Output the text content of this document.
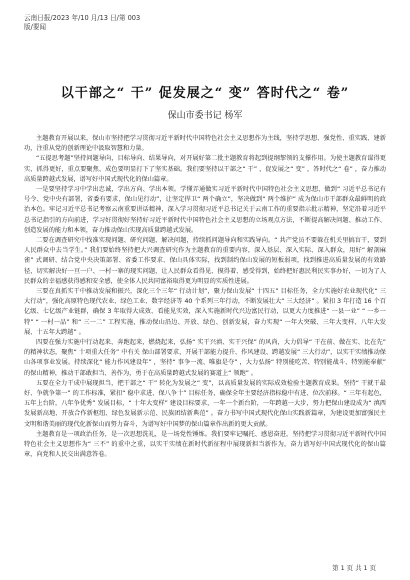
云南日报/2023 年/10 月/13 日/第 003
版/要闻
以干部之“ 干” 促发展之“ 变” 答时代之“ 卷”
保山市委书记 杨军

主题教育开展以来，保山市坚持把学习贯彻习近平新时代中国特色社会主义思想作为主线，坚持学思想、强党性、重实践、建新功，注重从党的创新理论中汲取智慧和力量。

“五提思考题”坚持问题导向，目标导向、结果导向，对开展好第二批主题教育将起到提纲挈领的支撑作用。为使主题教育谋得更实、抓得更好，重点要聚焦、成色要明显打下了坚实基础。我们要坚持以干部之“ 干” ，促发展之“ 变” ，答时代之“ 卷” ，奋力推动高质量跨越式发展，谱写好中国式现代化的保山篇章。

一是要坚持学习中学出忠诚，学出方向、学出本领。学懂弄通做实习近平新时代中国特色社会主义思想，做到“ 习近平总书记有号令、党中央有部署，省委有要求，保山见行动”，让坚定捍卫“ 两个确立”，坚决做到“ 两个维护” 成为保山市干部群众最鲜明的政治本色。牢记习近平总书记考察云南重要讲话精神，深入学习贯彻习近平总书记关于云南工作的重要指示批示精神，坚定沿着习近平总书记指引的方向前进，学习好贯彻好坚持好习近平新时代中国特色社会主义思想的立场观点方法，不断提高解决问题、推动工作、创造发展的能力和本领，奋力推动保山实现高质量跨越式发展。

二要在调查研究中找准实现问题、研究问题、解决问题，持续抓问题导向和实践导向。“ 共产党员不要躲在机关里搞盲干，要到人民群众中去当学生。” 我们要始终坚持把大兴调查研究作为主题教育的重要内容，深入基层、深入实际、深入群众，用好“ 解剖麻雀” 式调研、结合党中央决策部署、省委工作要求、保山具体实际，找到制约保山发展的短板弱项，找到推进高质量发展的有效路径，切实解决好一亘一户、一村一寨的现实问题，让人民群众看得见、摸得着、感受得到，始终把好惠民利民实事办好，一切为了人民群众的幸福感获得感和安全感，使全体人民共同富裕取得更为明显的实质性进展。

三要在真抓实干中推动发展和振兴，深化三个三年“ 行动计划”，聚力保山发展“ 十四五” 目标任务，全力实施好农业现代化“ 三大行动”，强化高原特色现代农业、绿色工业、数字经济等 40 个系列三年行动，不断发展壮大“ 三大经济” 。紧扣 3 年打造 16 个百亿级、七亿级产业链群，确保 3 年取得大成效、看能见实效，深入实施新时代兴边富民行动，以更大力度推进“ 一县一业” “ 一乡一特” “ 一村一品” 和“ 三一二” 工程实施，推动保山沿边、开放、绿色、创新发展，奋力实现“ 一年大突破、三年大变样、八年大发展、十五年大跨越” 。

四要在强力实施中行动起来、奔跑起来，燃烧起来，弘扬“ 实干兴滇、实干兴保” 的风尚，大力倡导“ 干在前、做在实、比在先” 的精神状态，聚焦“ 十项重大任务” 中有关 保山部署要求，开展干部能力提升、作风建设、跨越发展“ 三大行动”，以实干实绩推动保山各项事业发展。持续深化“ 能力作风建设年” ，坚持“ 事争一流、唯旗是夺” ，大力弘扬“ 特别能吃苦、特别能战斗、特别能奉献” 的保山精神，推动干部敢担当、善作为，勇于在高质量跨越式发展的赛道上“ 领跑” 。

五要在全力干成中展现担当，把干部之“ 干” 转化为发展之“ 变”，以高质量发展的实际成效检验主题教育成果。坚持“ 干就干最好、争就争第一” 的工作标准，紧扣“ 稳中求进、保八争十” 目标任务，确保全年主要经济指标稳中有进、位次前移。“ 三年有起色，五年上台阶，八年争优秀” 发展目标，“ 十年大变样” 建设目标要求，一年一个新台阶，一年跨越一大步，努力把保山建设成为“ 滇西发展新高地、开放合作新枢纽、绿色发展新示范、民族团结新典范” 。奋力书写中国式现代化保山实践新篇章，为建设更加富强民主文明和谐美丽的现代化新保山而努力奋斗，为谱写好中国梦的保山篇章作出新的更大贡献。

主题教育是一项政治任务，是一次思想洗礼，是一场党性锤炼。我们要牢记嘱托、感恩奋进，坚持把学习贯彻习近平新时代中国特色社会主义思想作为“ 三不” 的重中之重，以实干实绩在新时代新征程中展现新担当新作为，奋力谱写好中国式现代化的保山篇章，向党和人民交出满意答卷。

第 1 页 共 1 页
